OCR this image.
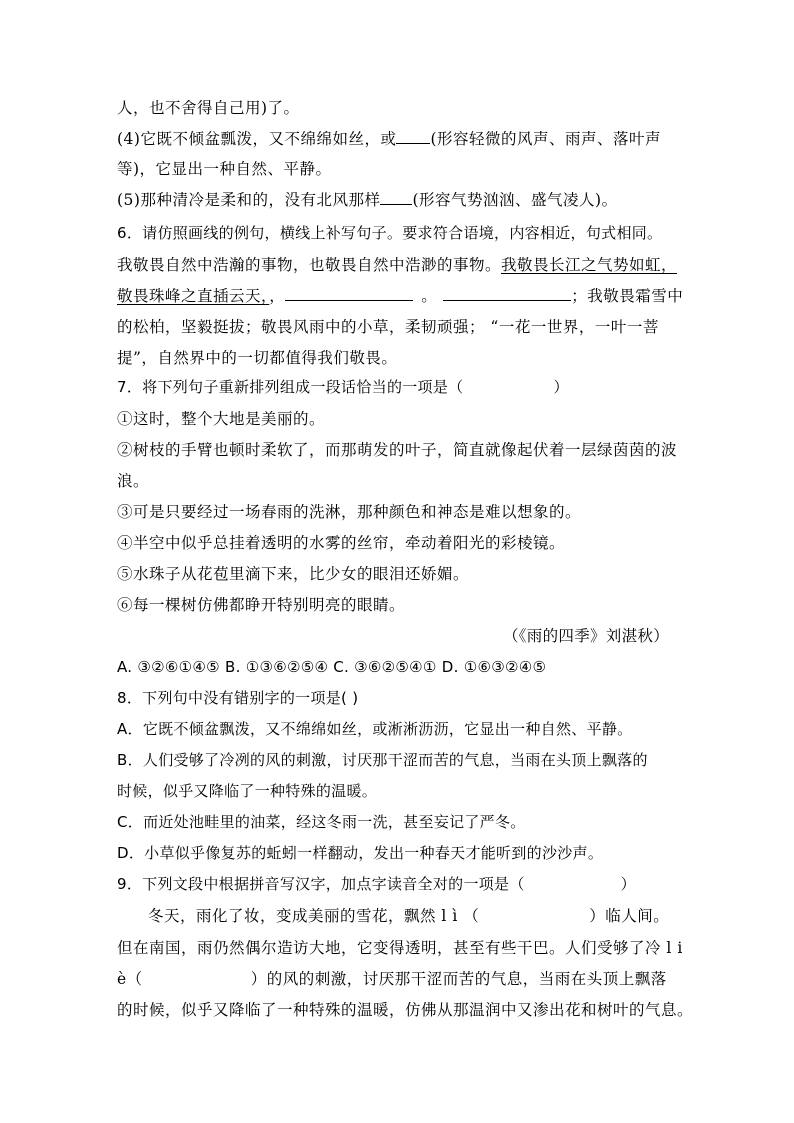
人，也不舍得自己用)了。
(4)它既不倾盆瓢泼，又不绵绵如丝，或 (形容轻微的风声、雨声、落叶声
等)，它显出一种自然、平静。
(5)那种清冷是柔和的，没有北风那样 (形容气势汹汹、盛气凌人)。
6．请仿照画线的例句，横线上补写句子。要求符合语境，内容相近，句式相同。
我敬畏自然中浩瀚的事物，也敬畏自然中浩渺的事物。我敬畏长江之气势如虹，
敬畏珠峰之直插云天，，	。	；我敬畏霜雪中
的松柏，坚毅挺拔；敬畏风雨中的小草，柔韧顽强； “一花一世界，一叶一菩
提”，自然界中的一切都值得我们敬畏。
7．将下列句子重新排列组成一段话恰当的一项是（	）
①这时，整个大地是美丽的。
②树枝的手臂也顿时柔软了，而那萌发的叶子，简直就像起伏着一层绿茵茵的波
浪。
③可是只要经过一场春雨的洗淋，那种颜色和神态是难以想象的。
④半空中似乎总挂着透明的水雾的丝帘，牵动着阳光的彩棱镜。
⑤水珠子从花苞里滴下来，比少女的眼泪还娇媚。
⑥每一棵树仿佛都睁开特别明亮的眼睛。
（《雨的四季》刘湛秋）
A. ③②⑥①④⑤ B. ①③⑥②⑤④ C. ③⑥②⑤④① D. ①⑥③②④⑤
8．下列句中没有错别字的一项是( )
A．它既不倾盆飘泼，又不绵绵如丝，或淅淅沥沥，它显出一种自然、平静。
B．人们受够了冷冽的风的刺激，讨厌那干涩而苦的气息，当雨在头顶上飘落的
时候，似乎又降临了一种特殊的温暖。
C．而近处池畦里的油菜，经这冬雨一洗，甚至妄记了严冬。
D．小草似乎像复苏的蚯蚓一样翻动，发出一种春天才能听到的沙沙声。
9．下列文段中根据拼音写汉字，加点字读音全对的一项是（	）
冬天，雨化了妆，变成美丽的雪花，飘然 l ì （	）临人间。
但在南国，雨仍然偶尔造访大地，它变得透明，甚至有些干巴。人们受够了冷 l i
è（	）的风的刺激，讨厌那干涩而苦的气息，当雨在头顶上飘落
的时候，似乎又降临了一种特殊的温暖，仿佛从那温润中又渗出花和树叶的气息。
